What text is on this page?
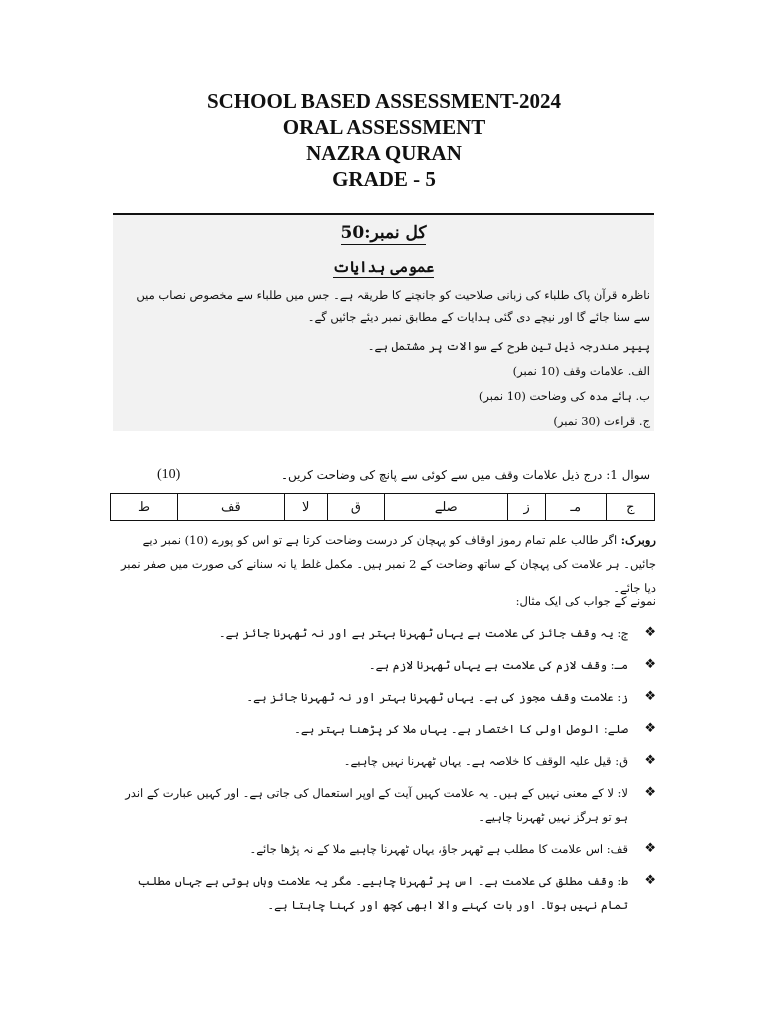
SCHOOL BASED ASSESSMENT-2024

ORAL ASSESSMENT

NAZRA QURAN

GRADE - 5

کل نمبر:50
عمومی ہدایات
ناظرہ قرآن پاک طلباء کی زبانی صلاحیت کو جانچنے کا طریقہ ہے۔ جس میں طلباء سے مخصوص نصاب میں سے سنا جائے گا اور نیچے دی گئی ہدایات کے مطابق نمبر دیئے جائیں گے۔
پیپر مندرجہ ذیل تین طرح کے سوالات پر مشتمل ہے۔
الف. علامات وقف (10 نمبر)
ب. ہائے مدہ کی وضاحت (10 نمبر)
ج. قراءت (30 نمبر)
سوال 1: درج ذیل علامات وقف میں سے کوئی سے پانچ کی وضاحت کریں۔
(10)
ج	مـ	ز	صلے	ق	لا	قف	ط
روبرک: اگر طالب علم تمام رموز اوقاف کو پہچان کر درست وضاحت کرتا ہے تو اس کو پورے (10) نمبر دیے جائیں۔ ہر علامت کی پہچان کے ساتھ وضاحت کے 2 نمبر ہیں۔ مکمل غلط یا نہ سنانے کی صورت میں صفر نمبر دیا جائے۔
نمونے کے جواب کی ایک مثال:
❖
ج: یہ وقف جائز کی علامت ہے یہاں ٹھہرنا بہتر ہے اور نہ ٹھہرنا جائز ہے۔
❖
مـ: وقف لازم کی علامت ہے یہاں ٹھہرنا لازم ہے۔
❖
ز: علامت وقف مجوز کی ہے۔ یہاں ٹھہرنا بہتر اور نہ ٹھہرنا جائز ہے۔
❖
صلے: الوصل اولی کا اختصار ہے۔ یہاں ملا کر پڑھنا بہتر ہے۔
❖
ق: قیل علیہ الوقف کا خلاصہ ہے۔ یہاں ٹھہرنا نہیں چاہیے۔
❖
لا: لا کے معنی نہیں کے ہیں۔ یہ علامت کہیں آیت کے اوپر استعمال کی جاتی ہے۔ اور کہیں عبارت کے اندر ہو تو ہرگز نہیں ٹھہرنا چاہیے۔
❖
قف: اس علامت کا مطلب ہے ٹھہر جاؤ، یہاں ٹھہرنا چاہیے ملا کے نہ پڑھا جائے۔
❖
ط: وقف مطلق کی علامت ہے۔ اس پر ٹھہرنا چاہیے۔ مگر یہ علامت وہاں ہوتی ہے جہاں مطلب تمام نہیں ہوتا۔ اور بات کہنے والا ابھی کچھ اور کہنا چاہتا ہے۔
